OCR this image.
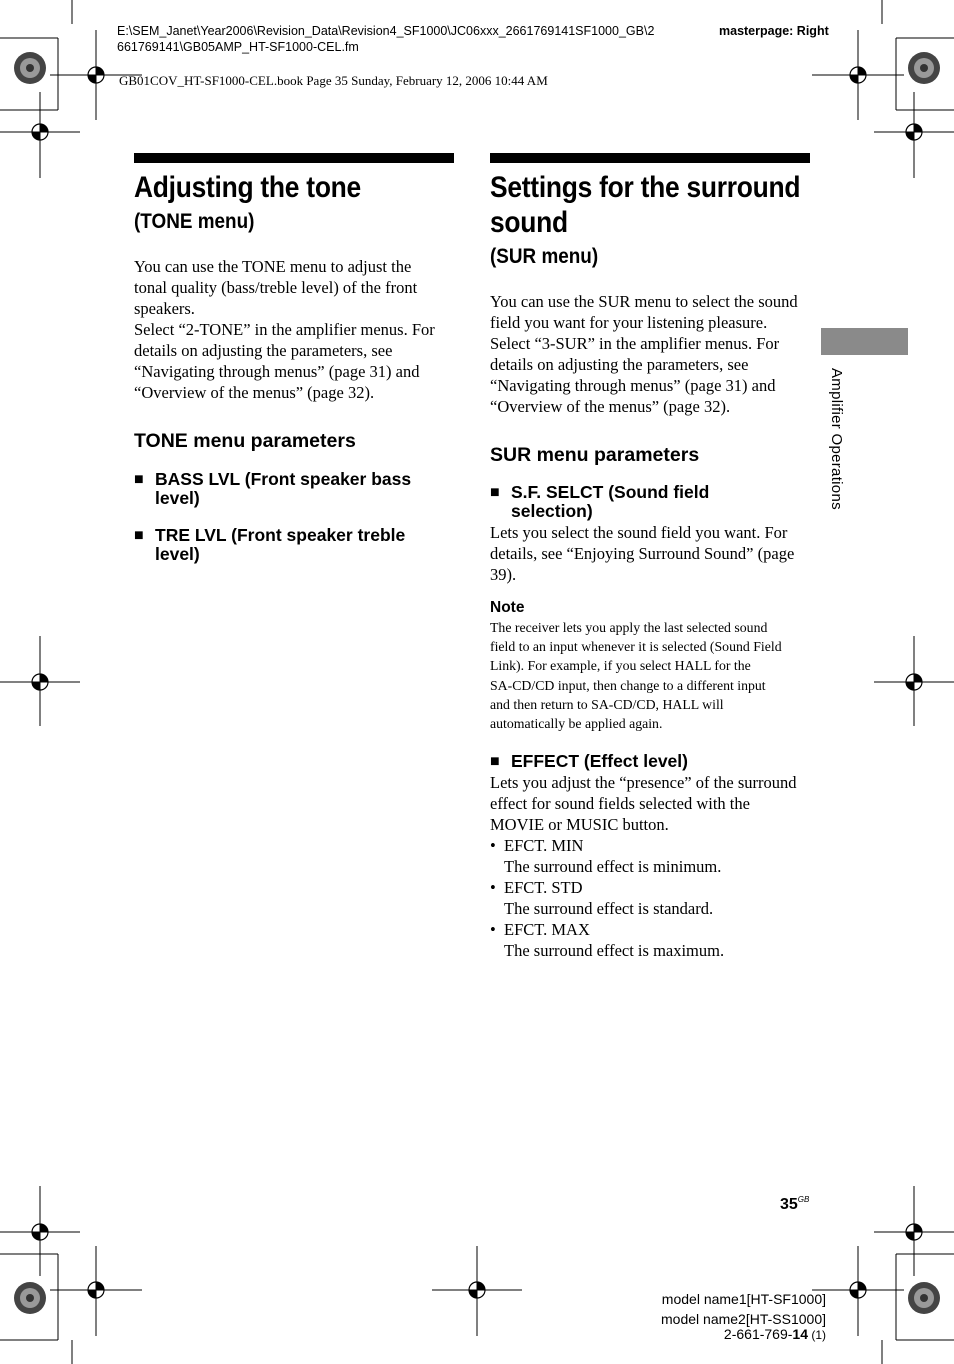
E:\SEM_Janet\Year2006\Revision_Data\Revision4_SF1000\JC06xxx_2661769141SF1000_GB\2
661769141\GB05AMP_HT-SF1000-CEL.fm
masterpage: Right
GB01COV_HT-SF1000-CEL.book Page 35 Sunday, February 12, 2006 10:44 AM
Adjusting the tone
(TONE menu)
You can use the TONE menu to adjust the
tonal quality (bass/treble level) of the front
speakers.
Select “2-TONE” in the amplifier menus. For
details on adjusting the parameters, see
“Navigating through menus” (page 31) and
“Overview of the menus” (page 32).
TONE menu parameters
■ BASS LVL (Front speaker bass
level)
■ TRE LVL (Front speaker treble
level)
Settings for the surround
sound
(SUR menu)
You can use the SUR menu to select the sound
field you want for your listening pleasure.
Select “3-SUR” in the amplifier menus. For
details on adjusting the parameters, see
“Navigating through menus” (page 31) and
“Overview of the menus” (page 32).
SUR menu parameters
■ S.F. SELCT (Sound field
selection)
Lets you select the sound field you want. For
details, see “Enjoying Surround Sound” (page
39).
Note
The receiver lets you apply the last selected sound
field to an input whenever it is selected (Sound Field
Link). For example, if you select HALL for the
SA-CD/CD input, then change to a different input
and then return to SA-CD/CD, HALL will
automatically be applied again.
■ EFFECT (Effect level)
Lets you adjust the “presence” of the surround
effect for sound fields selected with the
MOVIE or MUSIC button.
• EFCT. MIN
The surround effect is minimum.
• EFCT. STD
The surround effect is standard.
• EFCT. MAX
The surround effect is maximum.
Amplifier Operations
$35^{GB}$
model name1[HT-SF1000]
model name2[HT-SS1000]
2-661-769-14 (1)
